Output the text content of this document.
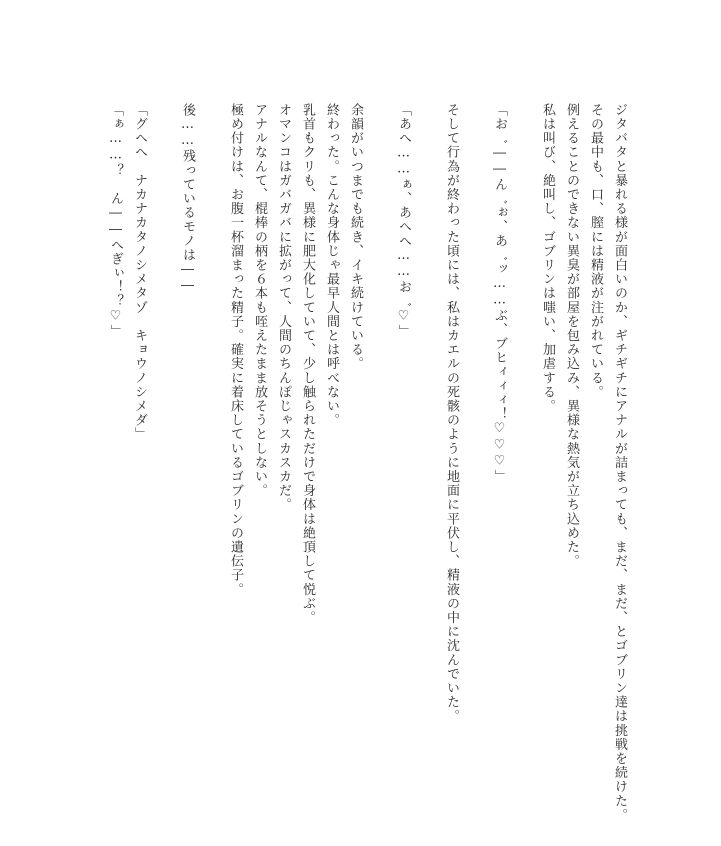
ジタバタと暴れる様が面白いのか、ギチギチにアナルが詰まっても、まだ、まだ、とゴブリン達は挑戦を続けた。
その最中も、口、膣には精液が注がれている。
例えることのできない異臭が部屋を包み込み、異様な熱気が立ち込めた。
私は叫び、絶叫し、ゴブリンは嗤い、加虐する。
「お゛――ん゛ぉ、あ゛ッ……ぶ、ブヒィィィ！♡♡♡」
そして行為が終わった頃には、私はカエルの死骸のように地面に平伏し、精液の中に沈んでいた。
「あへ……ぁ、あへへ……お゛♡」
余韻がいつまでも続き、イキ続けている。
終わった。こんな身体じゃ最早人間とは呼べない。
乳首もクリも、異様に肥大化していて、少し触られただけで身体は絶頂して悦ぶ。
オマンコはガバガバに拡がって、人間のちんぽじゃスカスカだ。
アナルなんて、棍棒の柄を６本も咥えたまま放そうとしない。
極め付けは、お腹一杯溜まった精子。確実に着床しているゴブリンの遺伝子。
後……残っているモノは――
「グヘへ　ナカナカタノシメタゾ　キョウノシメダ」
「ぁ……？　ん――へぎぃ！？♡」
